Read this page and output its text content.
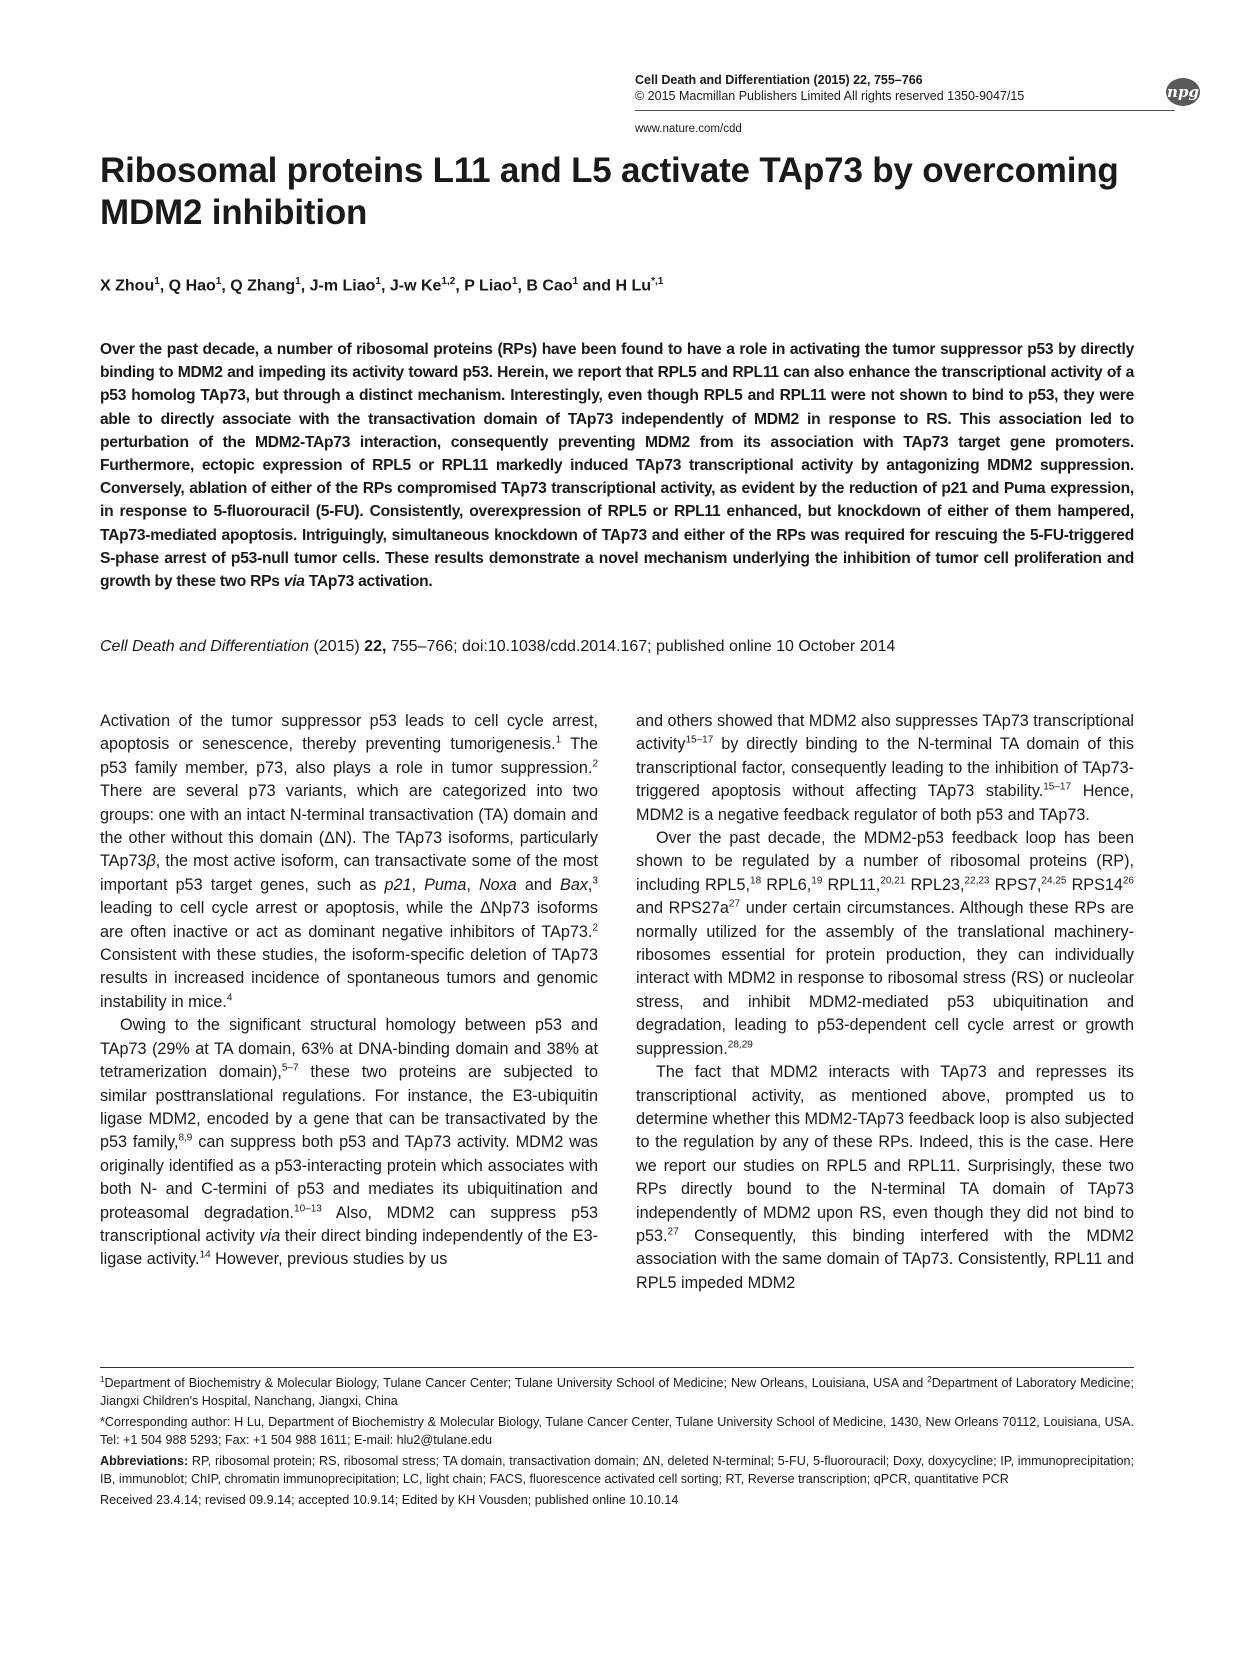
Cell Death and Differentiation (2015) 22, 755–766
© 2015 Macmillan Publishers Limited All rights reserved 1350-9047/15
www.nature.com/cdd
npg
Ribosomal proteins L11 and L5 activate TAp73 by overcoming MDM2 inhibition
X Zhou$^1$, Q Hao$^1$, Q Zhang$^1$, J-m Liao$^1$, J-w Ke$^{1,2}$, P Liao$^1$, B Cao$^1$ and H $Lu^{*,1}$
Over the past decade, a number of ribosomal proteins (RPs) have been found to have a role in activating the tumor suppressor p53 by directly binding to MDM2 and impeding its activity toward p53. Herein, we report that RPL5 and RPL11 can also enhance the transcriptional activity of a p53 homolog TAp73, but through a distinct mechanism. Interestingly, even though RPL5 and RPL11 were not shown to bind to p53, they were able to directly associate with the transactivation domain of TAp73 independently of MDM2 in response to RS. This association led to perturbation of the MDM2-TAp73 interaction, consequently preventing MDM2 from its association with TAp73 target gene promoters. Furthermore, ectopic expression of RPL5 or RPL11 markedly induced TAp73 transcriptional activity by antagonizing MDM2 suppression. Conversely, ablation of either of the RPs compromised TAp73 transcriptional activity, as evident by the reduction of p21 and Puma expression, in response to 5-fluorouracil (5-FU). Consistently, overexpression of RPL5 or RPL11 enhanced, but knockdown of either of them hampered, TAp73-mediated apoptosis. Intriguingly, simultaneous knockdown of TAp73 and either of the RPs was required for rescuing the 5-FU-triggered S-phase arrest of p53-null tumor cells. These results demonstrate a novel mechanism underlying the inhibition of tumor cell proliferation and growth by these two RPs via TAp73 activation.
Cell Death and Differentiation (2015) 22, 755–766; doi:10.1038/cdd.2014.167; published online 10 October 2014

Activation of the tumor suppressor p53 leads to cell cycle arrest, apoptosis or senescence, thereby preventing tumorigenesis.$^1$ The p53 family member, p73, also plays a role in tumor suppression.$^2$ There are several p73 variants, which are categorized into two groups: one with an intact N-terminal transactivation (TA) domain and the other without this domain (ΔN). The TAp73 isoforms, particularly TAp73β, the most active isoform, can transactivate some of the most important p53 target genes, such as p21, Puma, Noxa and Bax,$^3$ leading to cell cycle arrest or apoptosis, while the ΔNp73 isoforms are often inactive or act as dominant negative inhibitors of TAp73.$^2$ Consistent with these studies, the isoform-specific deletion of TAp73 results in increased incidence of spontaneous tumors and genomic instability in mice.$^4$

Owing to the significant structural homology between p53 and TAp73 (29% at TA domain, 63% at DNA-binding domain and 38% at tetramerization domain),$^{5-7}$ these two proteins are subjected to similar posttranslational regulations. For instance, the E3-ubiquitin ligase MDM2, encoded by a gene that can be transactivated by the p53 family,$^{8,9}$ can suppress both p53 and TAp73 activity. MDM2 was originally identified as a p53-interacting protein which associates with both N- and C-termini of p53 and mediates its ubiquitination and proteasomal degradation.$^{10-13}$ Also, MDM2 can suppress p53 transcriptional activity via their direct binding independently of the E3-ligase activity.$^{14}$ However, previous studies by us

and others showed that MDM2 also suppresses TAp73 transcriptional activity$^{15-17}$ by directly binding to the N-terminal TA domain of this transcriptional factor, consequently leading to the inhibition of TAp73-triggered apoptosis without affecting TAp73 stability.$^{15-17}$ Hence, MDM2 is a negative feedback regulator of both p53 and TAp73.

Over the past decade, the MDM2-p53 feedback loop has been shown to be regulated by a number of ribosomal proteins (RP), including RPL5,18 RPL6,19 RPL11,$^{20,21}$ RPL23,$^{22,23}$ RPS7,$^{24,25}$ $RPS14^{26}$ and $RPS27a^{27}$ under certain circumstances. Although these RPs are normally utilized for the assembly of the translational machinery-ribosomes essential for protein production, they can individually interact with MDM2 in response to ribosomal stress (RS) or nucleolar stress, and inhibit MDM2-mediated p53 ubiquitination and degradation, leading to p53-dependent cell cycle arrest or growth suppression.$^{28,29}$

The fact that MDM2 interacts with TAp73 and represses its transcriptional activity, as mentioned above, prompted us to determine whether this MDM2-TAp73 feedback loop is also subjected to the regulation by any of these RPs. Indeed, this is the case. Here we report our studies on RPL5 and RPL11. Surprisingly, these two RPs directly bound to the N-terminal TA domain of TAp73 independently of MDM2 upon RS, even though they did not bind to p53.27 Consequently, this binding interfered with the MDM2 association with the same domain of TAp73. Consistently, RPL11 and RPL5 impeded MDM2

$^1$Department of Biochemistry & Molecular Biology, Tulane Cancer Center; Tulane University School of Medicine; New Orleans, Louisiana, USA and $^2$Department of Laboratory Medicine; Jiangxi Children's Hospital, Nanchang, Jiangxi, China

*Corresponding author: H Lu, Department of Biochemistry & Molecular Biology, Tulane Cancer Center, Tulane University School of Medicine, 1430, New Orleans 70112, Louisiana, USA. Tel: +1 504 988 5293; Fax: +1 504 988 1611; E-mail: hlu2@tulane.edu

Abbreviations: RP, ribosomal protein; RS, ribosomal stress; TA domain, transactivation domain; ΔN, deleted N-terminal; 5-FU, 5-fluorouracil; Doxy, doxycycline; IP, immunoprecipitation; IB, immunoblot; ChIP, chromatin immunoprecipitation; LC, light chain; FACS, fluorescence activated cell sorting; RT, Reverse transcription; qPCR, quantitative PCR

Received 23.4.14; revised 09.9.14; accepted 10.9.14; Edited by KH Vousden; published online 10.10.14
